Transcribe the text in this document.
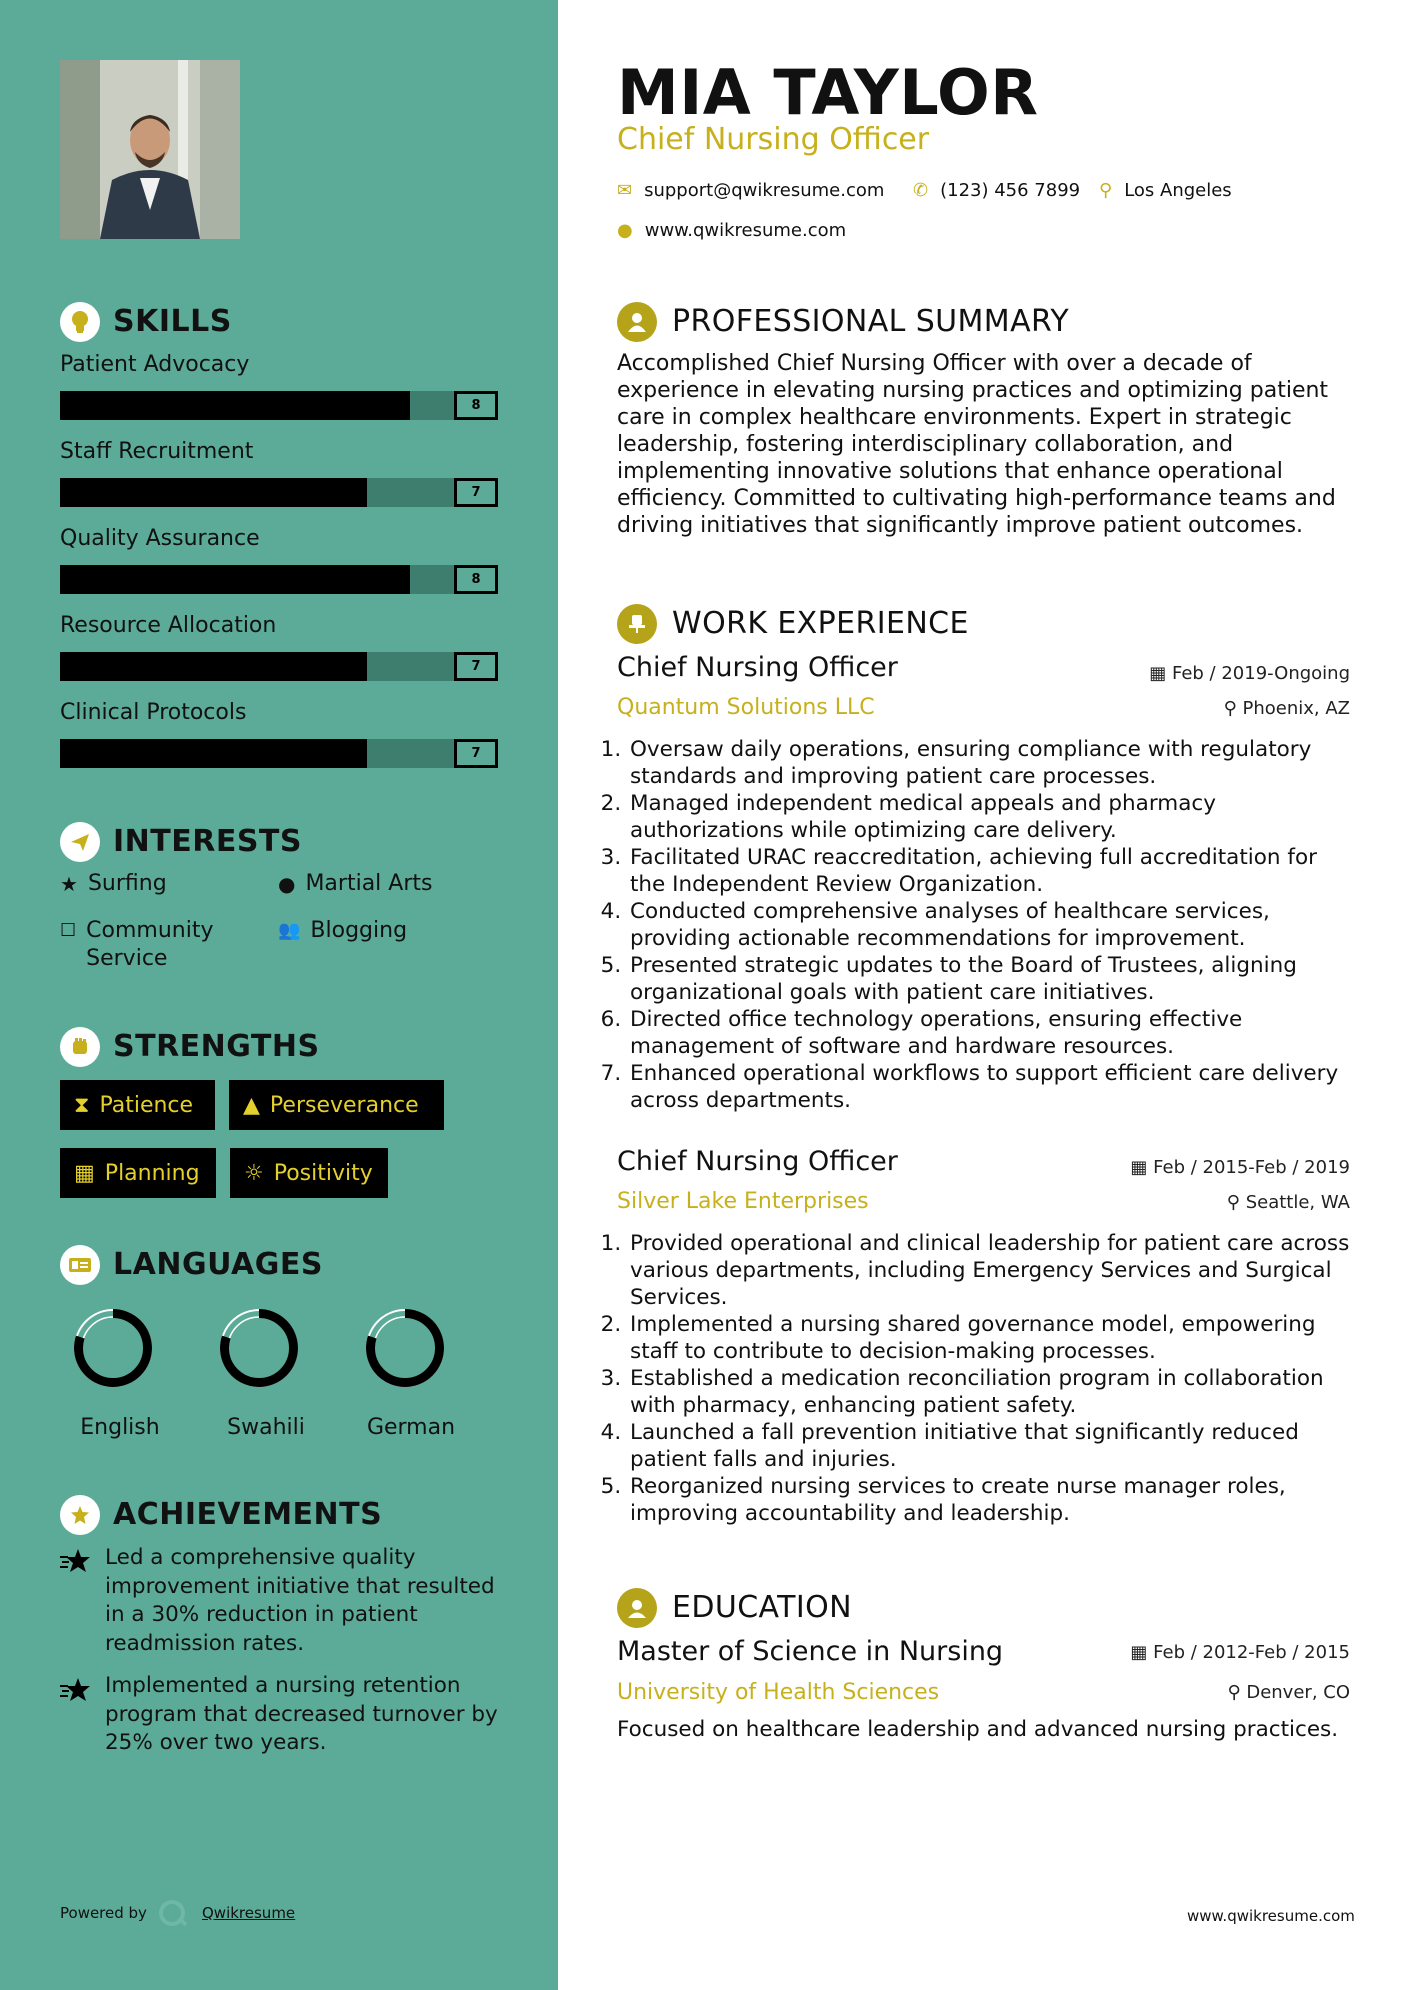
SKILLS
Patient Advocacy
8
Staff Recruitment
7
Quality Assurance
8
Resource Allocation
7
Clinical Protocols
7
INTERESTS
★ Surfing	● Martial Arts
☐ Community Service
👥 Blogging
STRENGTHS
⧗ Patience ▲ Perseverance
▦ Planning ☼ Positivity
LANGUAGES
English	Swahili	German
ACHIEVEMENTS
Led a comprehensive quality improvement initiative that resulted in a 30% reduction in patient readmission rates.
Implemented a nursing retention program that decreased turnover by 25% over two years.
Powered by	Qwikresume
MIA TAYLOR
Chief Nursing Officer
✉ support@qwikresume.com ✆ (123) 456 7899 ⚲ Los Angeles
● www.qwikresume.com
PROFESSIONAL SUMMARY
Accomplished Chief Nursing Officer with over a decade of experience in elevating nursing practices and optimizing patient care in complex healthcare environments. Expert in strategic leadership, fostering interdisciplinary collaboration, and implementing innovative solutions that enhance operational efficiency. Committed to cultivating high-performance teams and driving initiatives that significantly improve patient outcomes.
WORK EXPERIENCE
Chief Nursing Officer	▦ Feb / 2019-Ongoing
Quantum Solutions LLC	⚲ Phoenix, AZ
1. Oversaw daily operations, ensuring compliance with regulatory standards and improving patient care processes.
2. Managed independent medical appeals and pharmacy authorizations while optimizing care delivery.
3. Facilitated URAC reaccreditation, achieving full accreditation for the Independent Review Organization.
4. Conducted comprehensive analyses of healthcare services, providing actionable recommendations for improvement.
5. Presented strategic updates to the Board of Trustees, aligning organizational goals with patient care initiatives.
6. Directed office technology operations, ensuring effective management of software and hardware resources.
7. Enhanced operational workflows to support efficient care delivery across departments.
Chief Nursing Officer	▦ Feb / 2015-Feb / 2019
Silver Lake Enterprises	⚲ Seattle, WA
1. Provided operational and clinical leadership for patient care across various departments, including Emergency Services and Surgical Services.
2. Implemented a nursing shared governance model, empowering staff to contribute to decision-making processes.
3. Established a medication reconciliation program in collaboration with pharmacy, enhancing patient safety.
4. Launched a fall prevention initiative that significantly reduced patient falls and injuries.
5. Reorganized nursing services to create nurse manager roles, improving accountability and leadership.
EDUCATION
Master of Science in Nursing	▦ Feb / 2012-Feb / 2015
University of Health Sciences	⚲ Denver, CO
Focused on healthcare leadership and advanced nursing practices.
www.qwikresume.com
